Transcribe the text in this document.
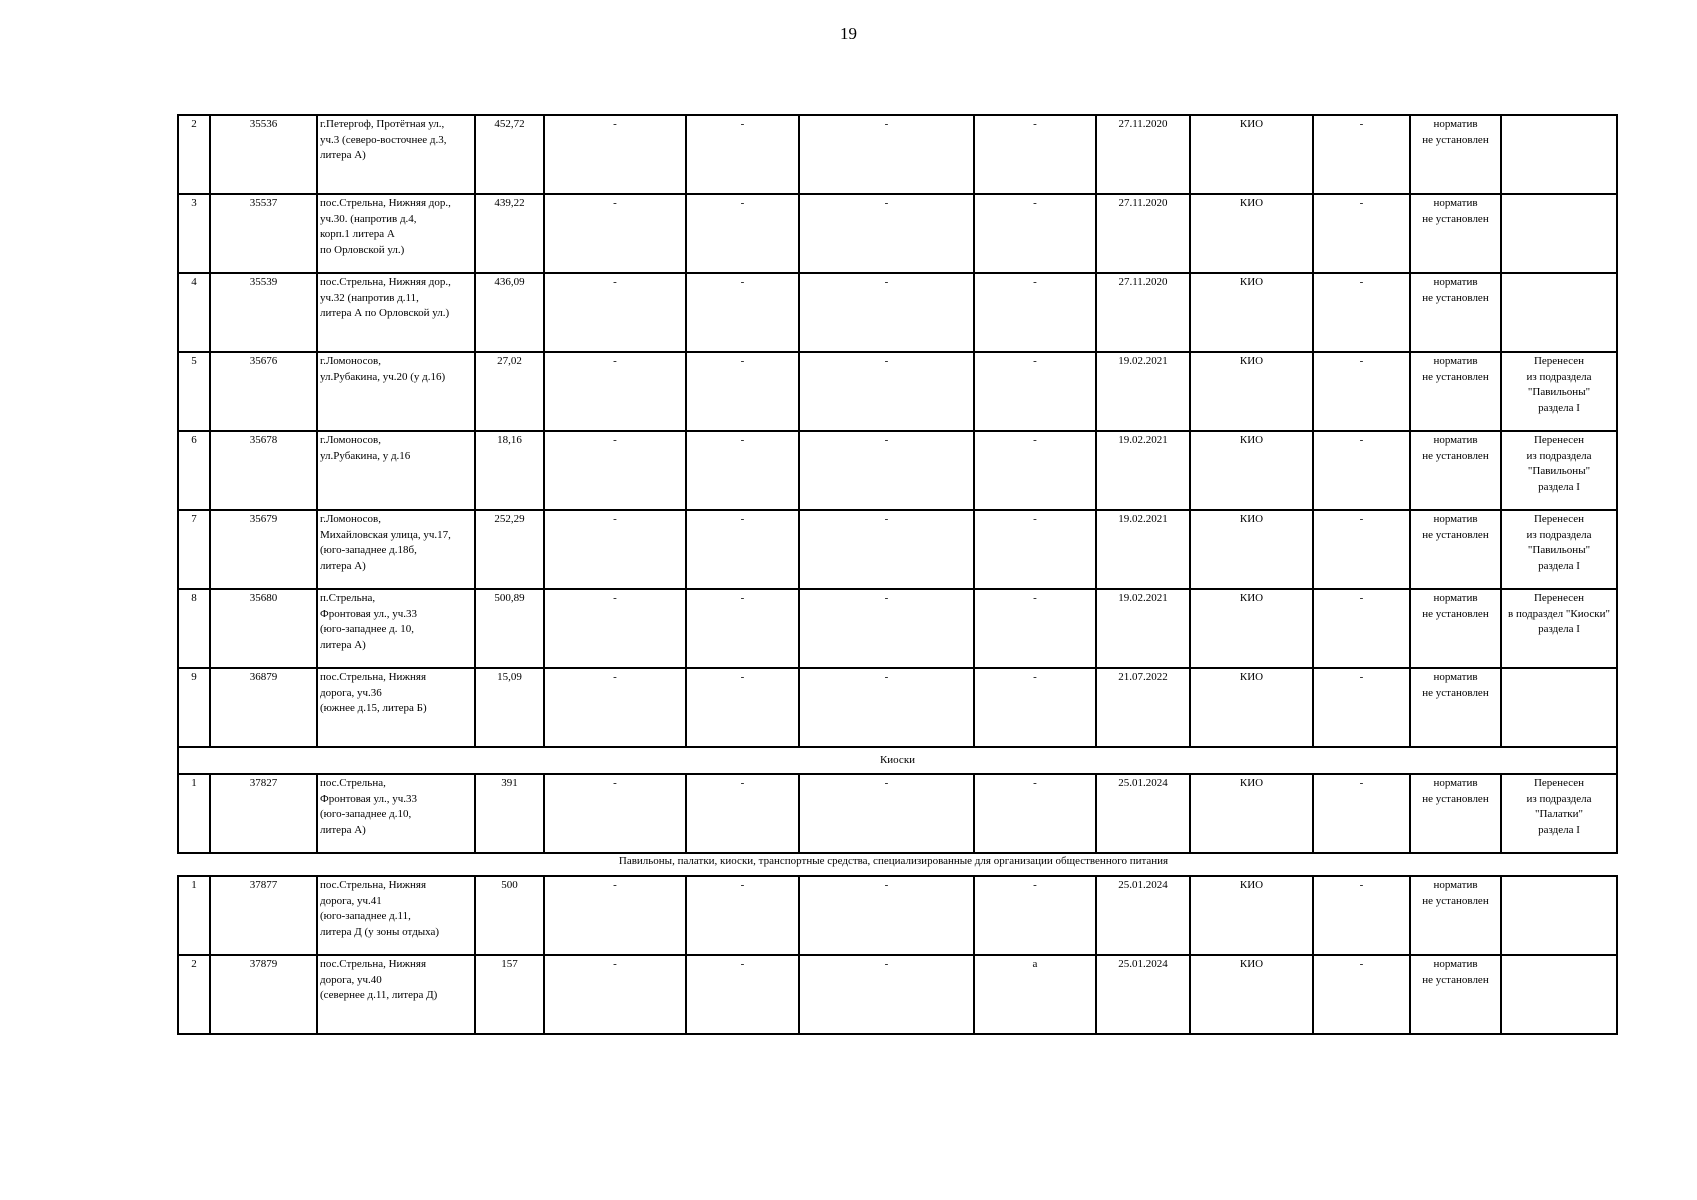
19
2	35536	г.Петергоф, Протётная ул.,
уч.3 (северо-восточнее д.3,
литера А)	452,72	-	-	-	-	27.11.2020	КИО	-	норматив
не установлен	
3	35537	пос.Стрельна, Нижняя дор.,
уч.30. (напротив д.4,
корп.1 литера А
по Орловской ул.)	439,22	-	-	-	-	27.11.2020	КИО	-	норматив
не установлен	
4	35539	пос.Стрельна, Нижняя дор.,
уч.32 (напротив д.11,
литера А по Орловской ул.)	436,09	-	-	-	-	27.11.2020	КИО	-	норматив
не установлен	
5	35676	г.Ломоносов,
ул.Рубакина, уч.20 (у д.16)	27,02	-	-	-	-	19.02.2021	КИО	-	норматив
не установлен	Перенесен
из подраздела
"Павильоны"
раздела I
6	35678	г.Ломоносов,
ул.Рубакина, у д.16	18,16	-	-	-	-	19.02.2021	КИО	-	норматив
не установлен	Перенесен
из подраздела
"Павильоны"
раздела I
7	35679	г.Ломоносов,
Михайловская улица, уч.17,
(юго-западнее д.18б,
литера А)	252,29	-	-	-	-	19.02.2021	КИО	-	норматив
не установлен	Перенесен
из подраздела
"Павильоны"
раздела I
8	35680	п.Стрельна,
Фронтовая ул., уч.33
(юго-западнее д. 10,
литера А)	500,89	-	-	-	-	19.02.2021	КИО	-	норматив
не установлен	Перенесен
в подраздел "Киоски"
раздела I
9	36879	пос.Стрельна, Нижняя
дорога, уч.36
(южнее д.15, литера Б)	15,09	-	-	-	-	21.07.2022	КИО	-	норматив
не установлен	
Киоски												
1	37827	пос.Стрельна,
Фронтовая ул., уч.33
(юго-западнее д.10,
литера А)	391	-	-	-	-	25.01.2024	КИО	-	норматив
не установлен	Перенесен
из подраздела
"Палатки"
раздела I
Павильоны, палатки, киоски, транспортные средства, специализированные для организации общественного питания
1	37877	пос.Стрельна, Нижняя
дорога, уч.41
(юго-западнее д.11,
литера Д (у зоны отдыха)	500	-	-	-	-	25.01.2024	КИО	-	норматив
не установлен	
2	37879	пос.Стрельна, Нижняя
дорога, уч.40
(севернее д.11, литера Д)	157	-	-	-	а	25.01.2024	КИО	-	норматив
не установлен	
